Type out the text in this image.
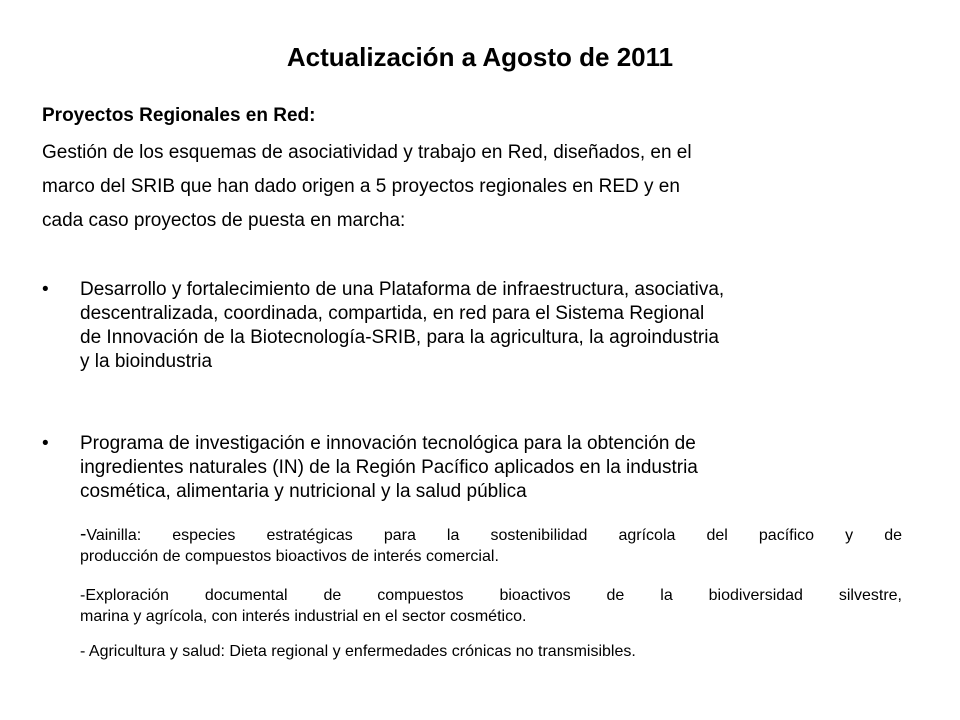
Actualización a Agosto de 2011
Proyectos Regionales en Red:

Gestión de los esquemas de asociatividad y trabajo en Red, diseñados, en el
marco del SRIB que han dado origen a 5 proyectos regionales en RED y en
cada caso proyectos de puesta en marcha:

•	Desarrollo y fortalecimiento de una Plataforma de infraestructura, asociativa,
descentralizada, coordinada, compartida, en red para el Sistema Regional
de Innovación de la Biotecnología-SRIB, para la agricultura, la agroindustria
y la bioindustria
•	Programa de investigación e innovación tecnológica para la obtención de
ingredientes naturales (IN) de la Región Pacífico aplicados en la industria
cosmética, alimentaria y nutricional y la salud pública
-Vainilla: especies estratégicas para la sostenibilidad agrícola del pacífico y de
producción de compuestos bioactivos de interés comercial.
-Exploración documental de compuestos bioactivos de la biodiversidad silvestre,
marina y agrícola, con interés industrial en el sector cosmético.
- Agricultura y salud: Dieta regional y enfermedades crónicas no transmisibles.
